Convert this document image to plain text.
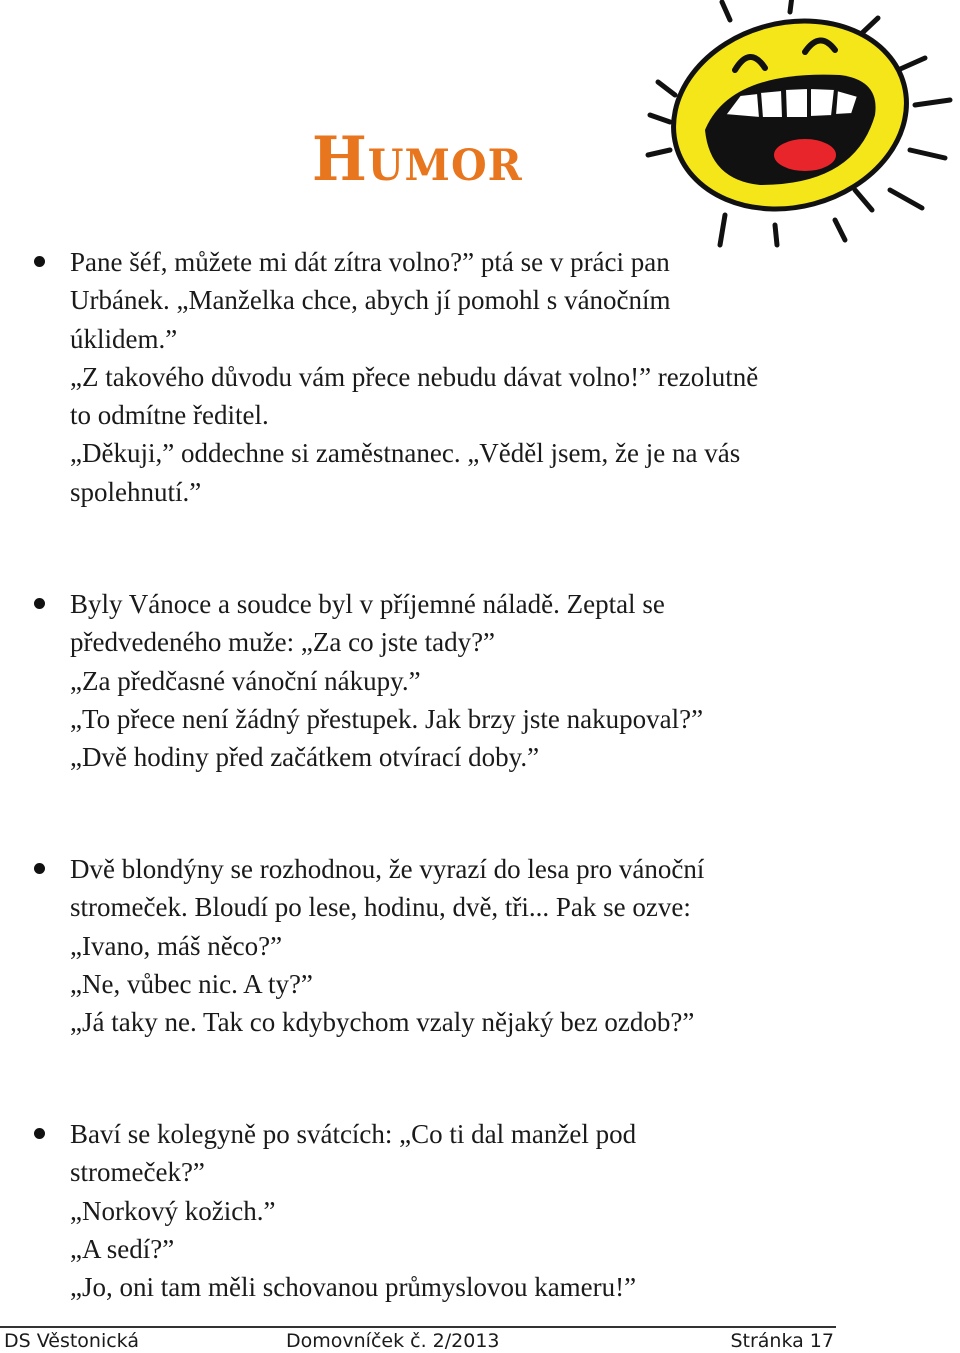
Humor
Pane šéf, můžete mi dát zítra volno?” ptá se v práci pan
Urbánek. „Manželka chce, abych jí pomohl s vánočním
úklidem.”
„Z takového důvodu vám přece nebudu dávat volno!” rezolutně
to odmítne ředitel.
„Děkuji,” oddechne si zaměstnanec. „Věděl jsem, že je na vás
spolehnutí.”
Byly Vánoce a soudce byl v příjemné náladě. Zeptal se
předvedeného muže: „Za co jste tady?”
„Za předčasné vánoční nákupy.”
„To přece není žádný přestupek. Jak brzy jste nakupoval?”
„Dvě hodiny před začátkem otvírací doby.”
Dvě blondýny se rozhodnou, že vyrazí do lesa pro vánoční
stromeček. Bloudí po lese, hodinu, dvě, tři... Pak se ozve:
„Ivano, máš něco?”
„Ne, vůbec nic. A ty?”
„Já taky ne. Tak co kdybychom vzaly nějaký bez ozdob?”
Baví se kolegyně po svátcích: „Co ti dal manžel pod
stromeček?”
„Norkový kožich.”
„A sedí?”
„Jo, oni tam měli schovanou průmyslovou kameru!”
DS Věstonická	Domovníček č. 2/2013	Stránka 17
